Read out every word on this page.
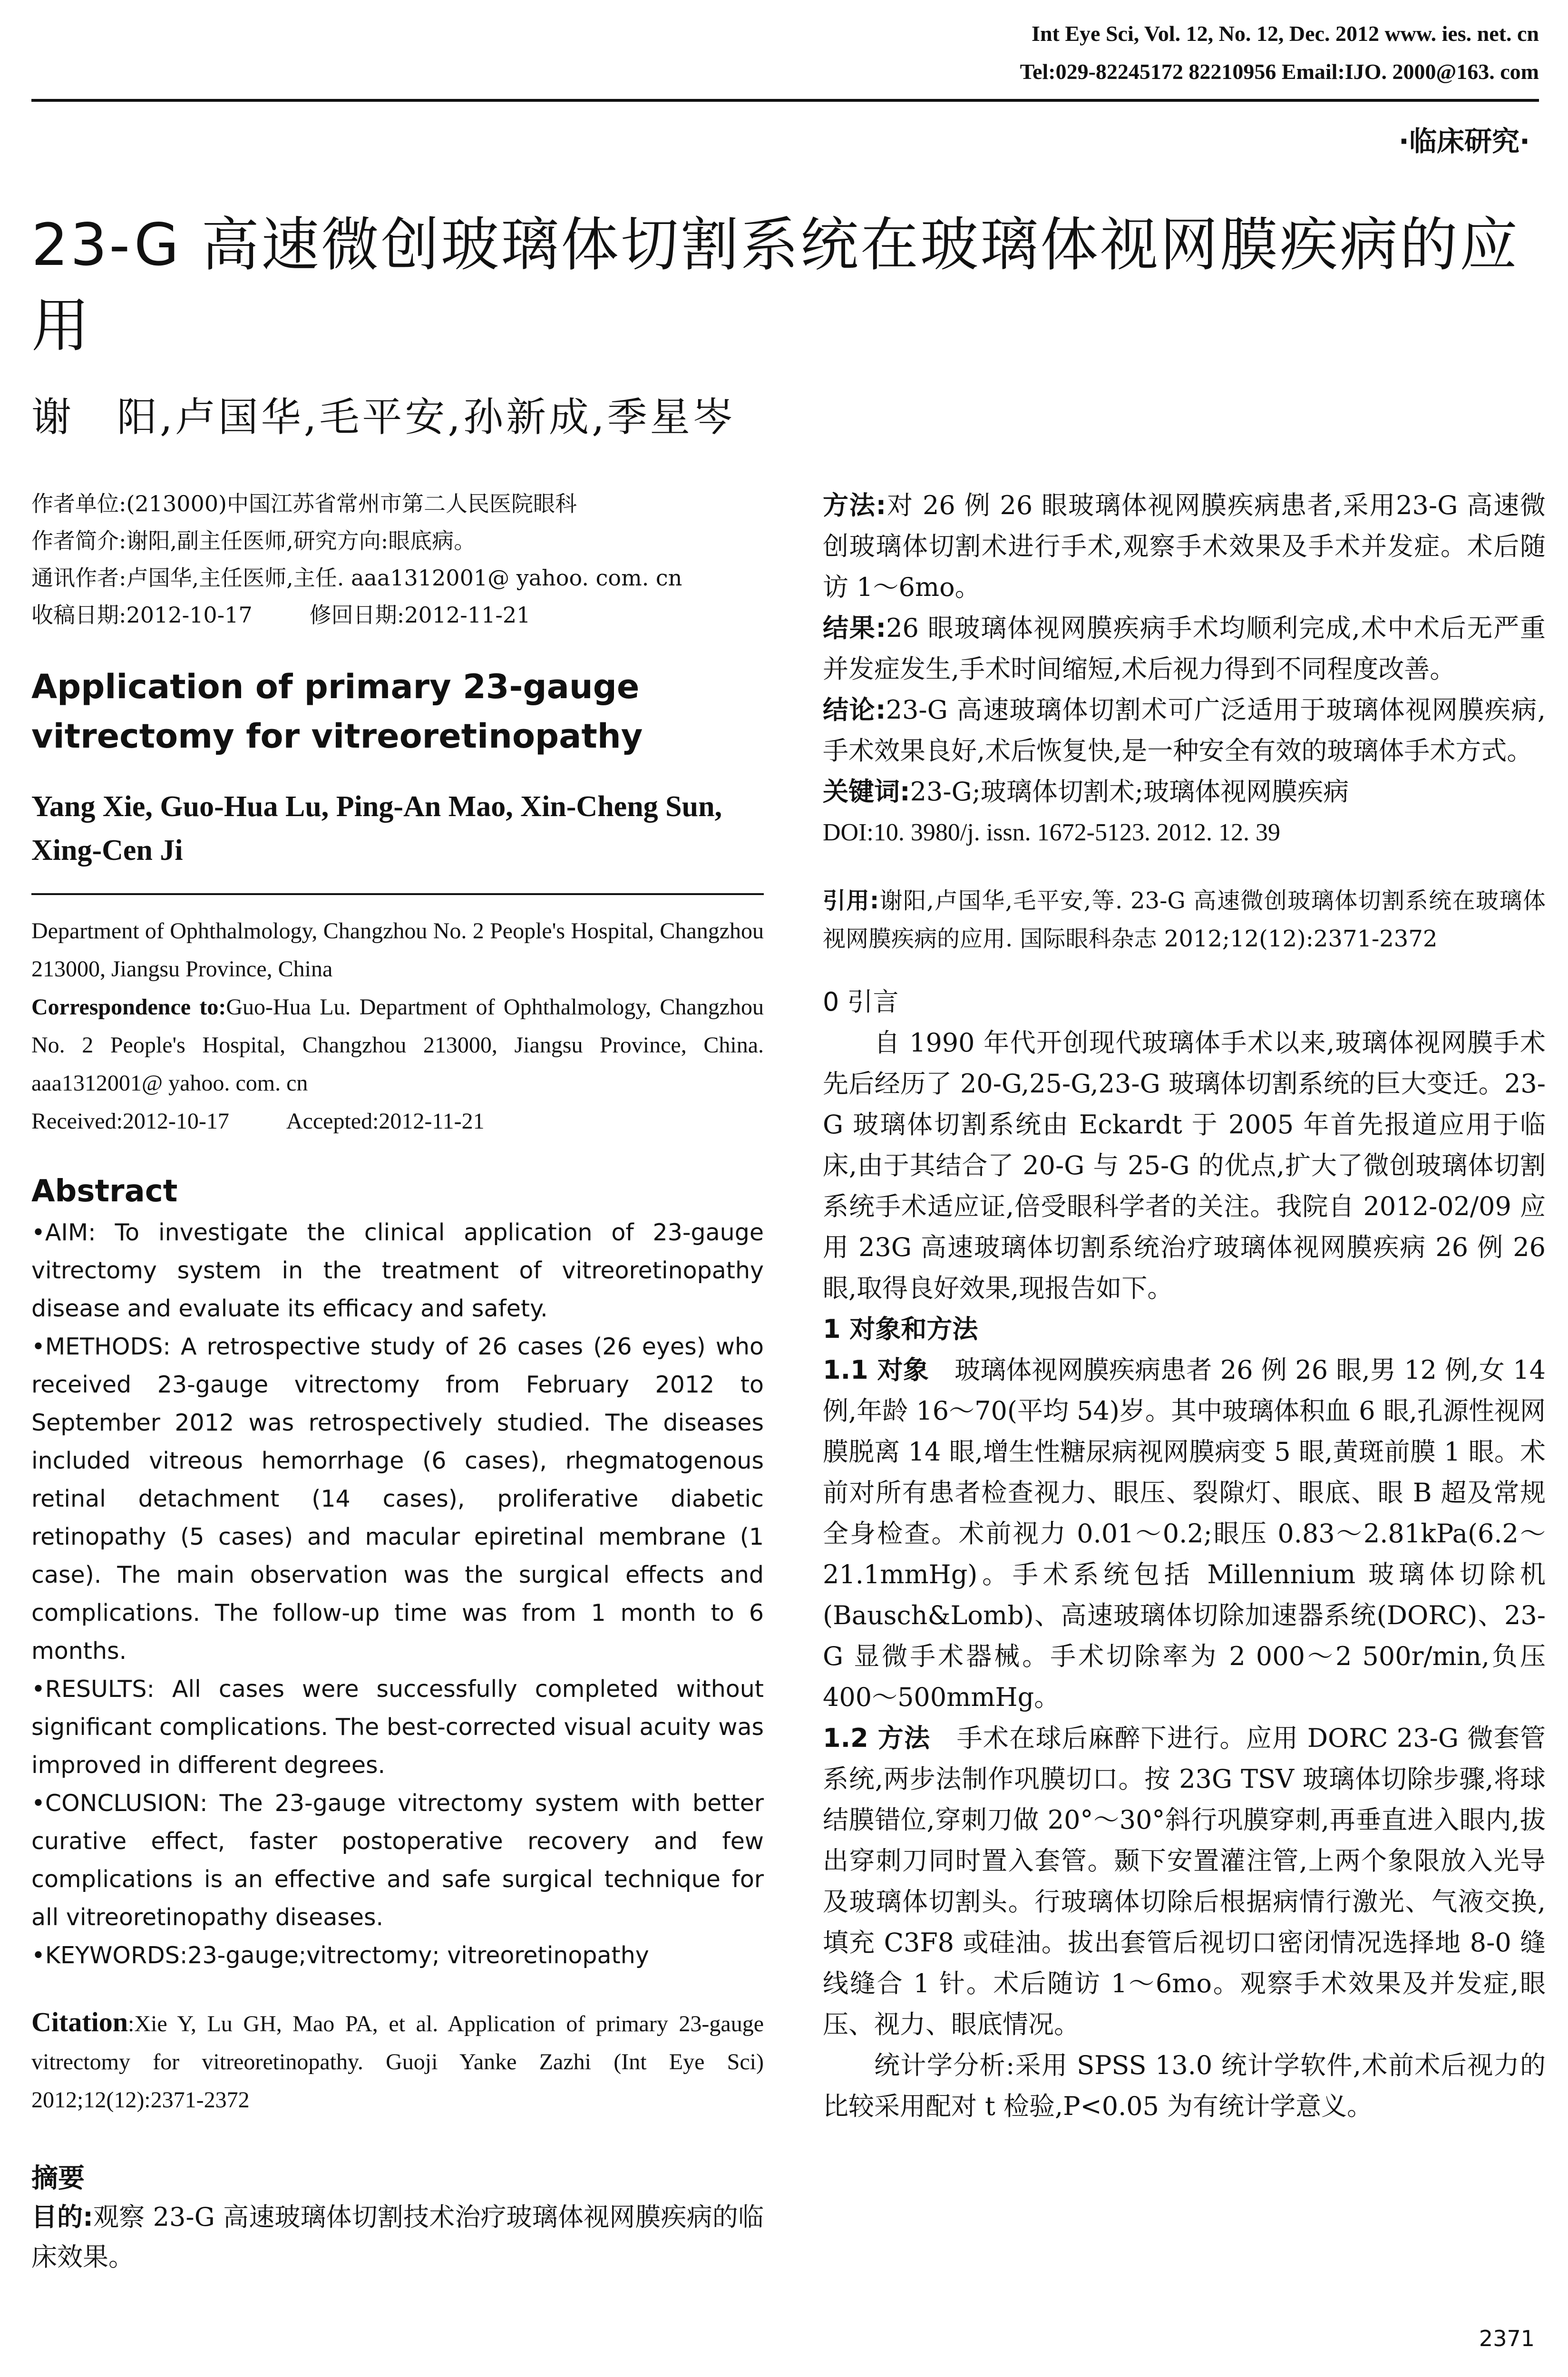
Int Eye Sci, Vol. 12, No. 12, Dec. 2012 www. ies. net. cn
Tel:029-82245172 82210956 Email:IJO. 2000@163. com
·临床研究·
23-G 高速微创玻璃体切割系统在玻璃体视网膜疾病的应用
谢　阳,卢国华,毛平安,孙新成,季星岑

作者单位:(213000)中国江苏省常州市第二人民医院眼科

作者简介:谢阳,副主任医师,研究方向:眼底病。

通讯作者:卢国华,主任医师,主任. aaa1312001@ yahoo. com. cn

收稿日期:2012-10-17	修回日期:2012-11-21

Application of primary 23-gauge vitrectomy for vitreoretinopathy
Yang Xie, Guo-Hua Lu, Ping-An Mao, Xin-Cheng Sun, Xing-Cen Ji

Department of Ophthalmology, Changzhou No. 2 People's Hospital, Changzhou 213000, Jiangsu Province, China

Correspondence to:Guo-Hua Lu. Department of Ophthalmology, Changzhou No. 2 People's Hospital, Changzhou 213000, Jiangsu Province, China. aaa1312001@ yahoo. com. cn

Received:2012-10-17	Accepted:2012-11-21

Abstract

•AIM: To investigate the clinical application of 23-gauge vitrectomy system in the treatment of vitreoretinopathy disease and evaluate its efficacy and safety.

•METHODS: A retrospective study of 26 cases (26 eyes) who received 23-gauge vitrectomy from February 2012 to September 2012 was retrospectively studied. The diseases included vitreous hemorrhage (6 cases), rhegmatogenous retinal detachment (14 cases), proliferative diabetic retinopathy (5 cases) and macular epiretinal membrane (1 case). The main observation was the surgical effects and complications. The follow-up time was from 1 month to 6 months.

•RESULTS: All cases were successfully completed without significant complications. The best-corrected visual acuity was improved in different degrees.

•CONCLUSION: The 23-gauge vitrectomy system with better curative effect, faster postoperative recovery and few complications is an effective and safe surgical technique for all vitreoretinopathy diseases.

•KEYWORDS:23-gauge;vitrectomy; vitreoretinopathy

Citation:Xie Y, Lu GH, Mao PA, et al. Application of primary 23-gauge vitrectomy for vitreoretinopathy. Guoji Yanke Zazhi (Int Eye Sci) 2012;12(12):2371-2372
摘要

目的:观察 23-G 高速玻璃体切割技术治疗玻璃体视网膜疾病的临床效果。

方法:对 26 例 26 眼玻璃体视网膜疾病患者,采用23-G 高速微创玻璃体切割术进行手术,观察手术效果及手术并发症。术后随访 1～6mo。

结果:26 眼玻璃体视网膜疾病手术均顺利完成,术中术后无严重并发症发生,手术时间缩短,术后视力得到不同程度改善。

结论:23-G 高速玻璃体切割术可广泛适用于玻璃体视网膜疾病,手术效果良好,术后恢复快,是一种安全有效的玻璃体手术方式。

关键词:23-G;玻璃体切割术;玻璃体视网膜疾病

DOI:10. 3980/j. issn. 1672-5123. 2012. 12. 39

引用:谢阳,卢国华,毛平安,等. 23-G 高速微创玻璃体切割系统在玻璃体视网膜疾病的应用. 国际眼科杂志 2012;12(12):2371-2372

0 引言

自 1990 年代开创现代玻璃体手术以来,玻璃体视网膜手术先后经历了 20-G,25-G,23-G 玻璃体切割系统的巨大变迁。23-G 玻璃体切割系统由 Eckardt 于 2005 年首先报道应用于临床,由于其结合了 20-G 与 25-G 的优点,扩大了微创玻璃体切割系统手术适应证,倍受眼科学者的关注。我院自 2012-02/09 应用 23G 高速玻璃体切割系统治疗玻璃体视网膜疾病 26 例 26 眼,取得良好效果,现报告如下。

1 对象和方法

1.1 对象　玻璃体视网膜疾病患者 26 例 26 眼,男 12 例,女 14 例,年龄 16～70(平均 54)岁。其中玻璃体积血 6 眼,孔源性视网膜脱离 14 眼,增生性糖尿病视网膜病变 5 眼,黄斑前膜 1 眼。术前对所有患者检查视力、眼压、裂隙灯、眼底、眼 B 超及常规全身检查。术前视力 0.01～0.2;眼压 0.83～2.81kPa(6.2～21.1mmHg)。手术系统包括 Millennium 玻璃体切除机(Bausch&Lomb)、高速玻璃体切除加速器系统(DORC)、23-G 显微手术器械。手术切除率为 2 000～2 500r/min,负压 400～500mmHg。

1.2 方法　手术在球后麻醉下进行。应用 DORC 23-G 微套管系统,两步法制作巩膜切口。按 23G TSV 玻璃体切除步骤,将球结膜错位,穿刺刀做 20°～30°斜行巩膜穿刺,再垂直进入眼内,拔出穿刺刀同时置入套管。颞下安置灌注管,上两个象限放入光导及玻璃体切割头。行玻璃体切除后根据病情行激光、气液交换,填充 C3F8 或硅油。拔出套管后视切口密闭情况选择地 8-0 缝线缝合 1 针。术后随访 1～6mo。观察手术效果及并发症,眼压、视力、眼底情况。

统计学分析:采用 SPSS 13.0 统计学软件,术前术后视力的比较采用配对 t 检验,P<0.05 为有统计学意义。

2371
